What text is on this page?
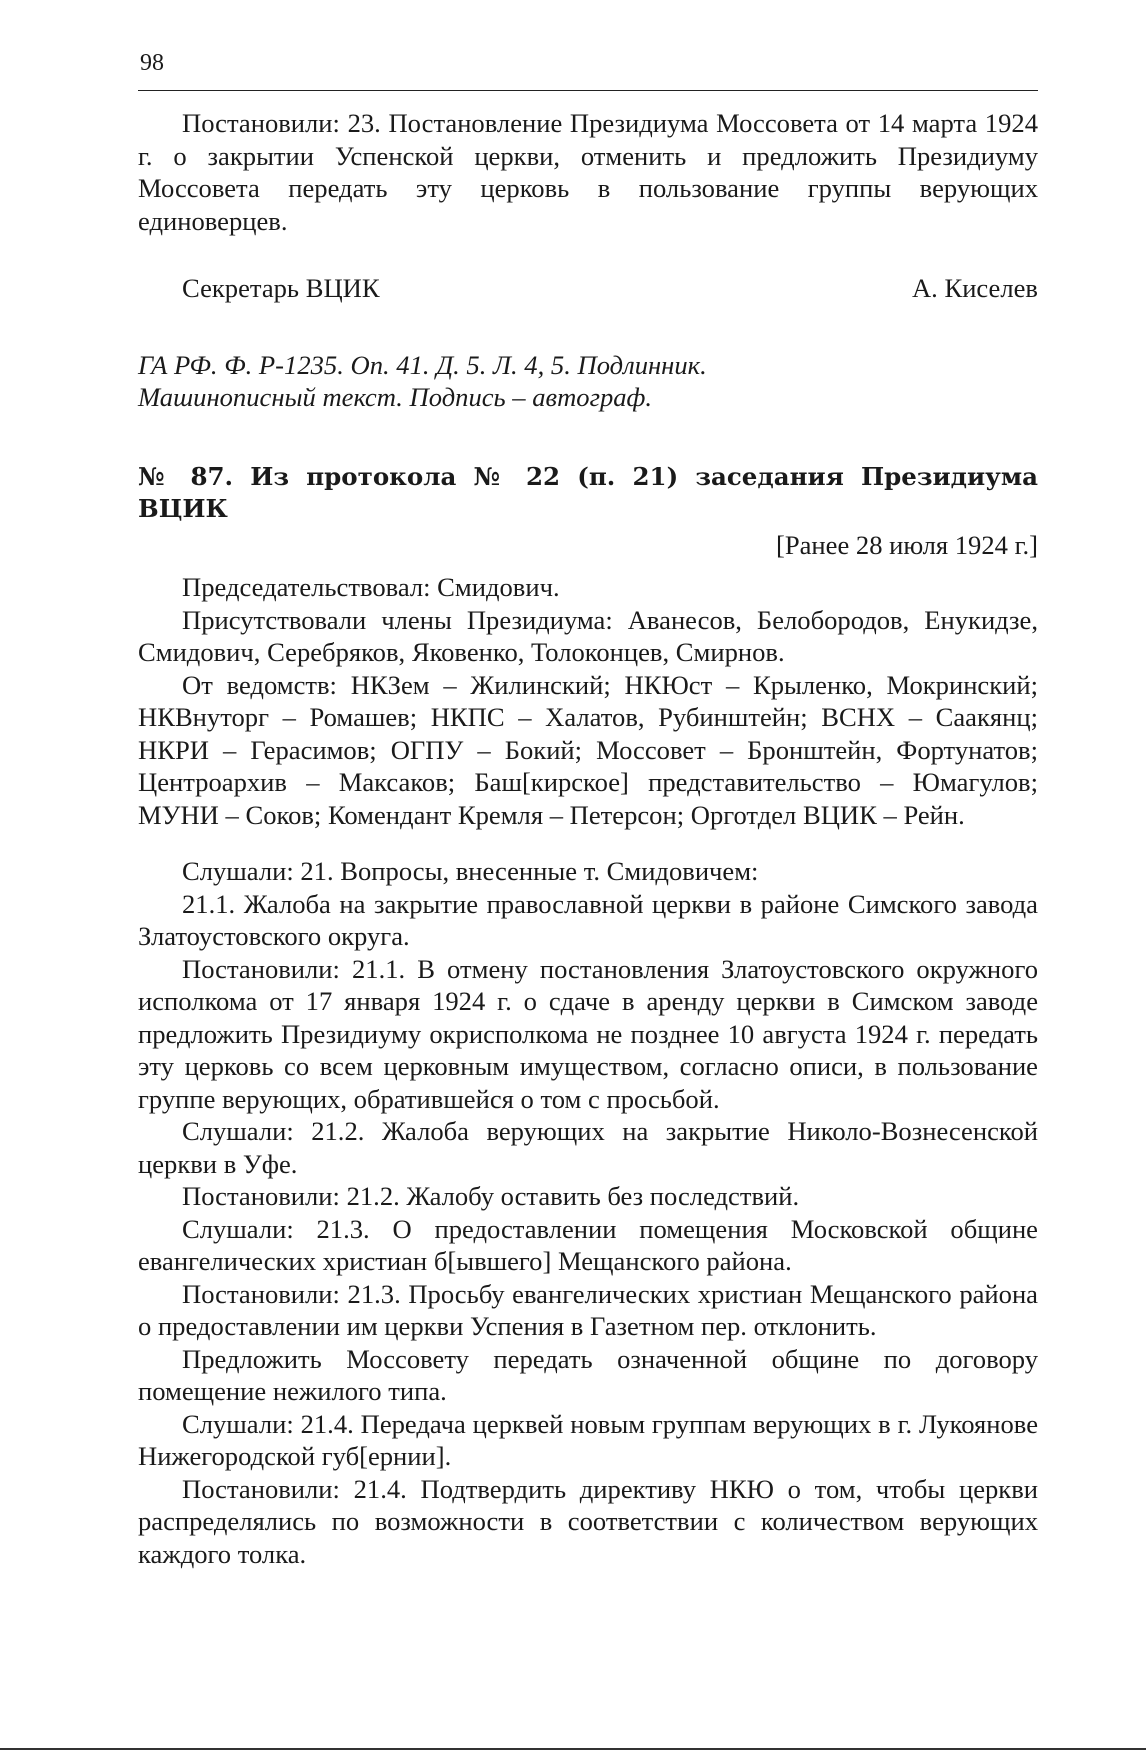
98

Постановили: 23. Постановление Президиума Моссовета от 14 марта 1924 г. о закрытии Успенской церкви, отменить и предложить Президиуму Моссовета передать эту церковь в пользование группы верующих единоверцев.

Секретарь ВЦИК	А. Киселев
ГА РФ. Ф. Р-1235. Оп. 41. Д. 5. Л. 4, 5. Подлинник.
Машинописный текст. Подпись – автограф.
№ 87. Из протокола № 22 (п. 21) заседания Президиума ВЦИК
[Ранее 28 июля 1924 г.]

Председательствовал: Смидович.

Присутствовали члены Президиума: Аванесов, Белобородов, Енукидзе, Смидович, Серебряков, Яковенко, Толоконцев, Смирнов.

От ведомств: НКЗем – Жилинский; НКЮст – Крыленко, Мокринский; НКВнуторг – Ромашев; НКПС – Халатов, Рубинштейн; ВСНХ – Саакянц; НКРИ – Герасимов; ОГПУ – Бокий; Моссовет – Бронштейн, Фортунатов; Центроархив – Максаков; Баш[кирское] представительство – Юмагулов; МУНИ – Соков; Комендант Кремля – Петерсон; Орготдел ВЦИК – Рейн.

Слушали: 21. Вопросы, внесенные т. Смидовичем:

21.1. Жалоба на закрытие православной церкви в районе Симского завода Златоустовского округа.

Постановили: 21.1. В отмену постановления Златоустовского окружного исполкома от 17 января 1924 г. о сдаче в аренду церкви в Симском заводе предложить Президиуму окрисполкома не позднее 10 августа 1924 г. передать эту церковь со всем церковным имуществом, согласно описи, в пользование группе верующих, обратившейся о том с просьбой.

Слушали: 21.2. Жалоба верующих на закрытие Николо-Вознесенской церкви в Уфе.

Постановили: 21.2. Жалобу оставить без последствий.

Слушали: 21.3. О предоставлении помещения Московской общине евангелических христиан б[ывшего] Мещанского района.

Постановили: 21.3. Просьбу евангелических христиан Мещанского района о предоставлении им церкви Успения в Газетном пер. отклонить.

Предложить Моссовету передать означенной общине по договору помещение нежилого типа.

Слушали: 21.4. Передача церквей новым группам верующих в г. Лукоянове Нижегородской губ[ернии].

Постановили: 21.4. Подтвердить директиву НКЮ о том, чтобы церкви распределялись по возможности в соответствии с количеством верующих каждого толка.
